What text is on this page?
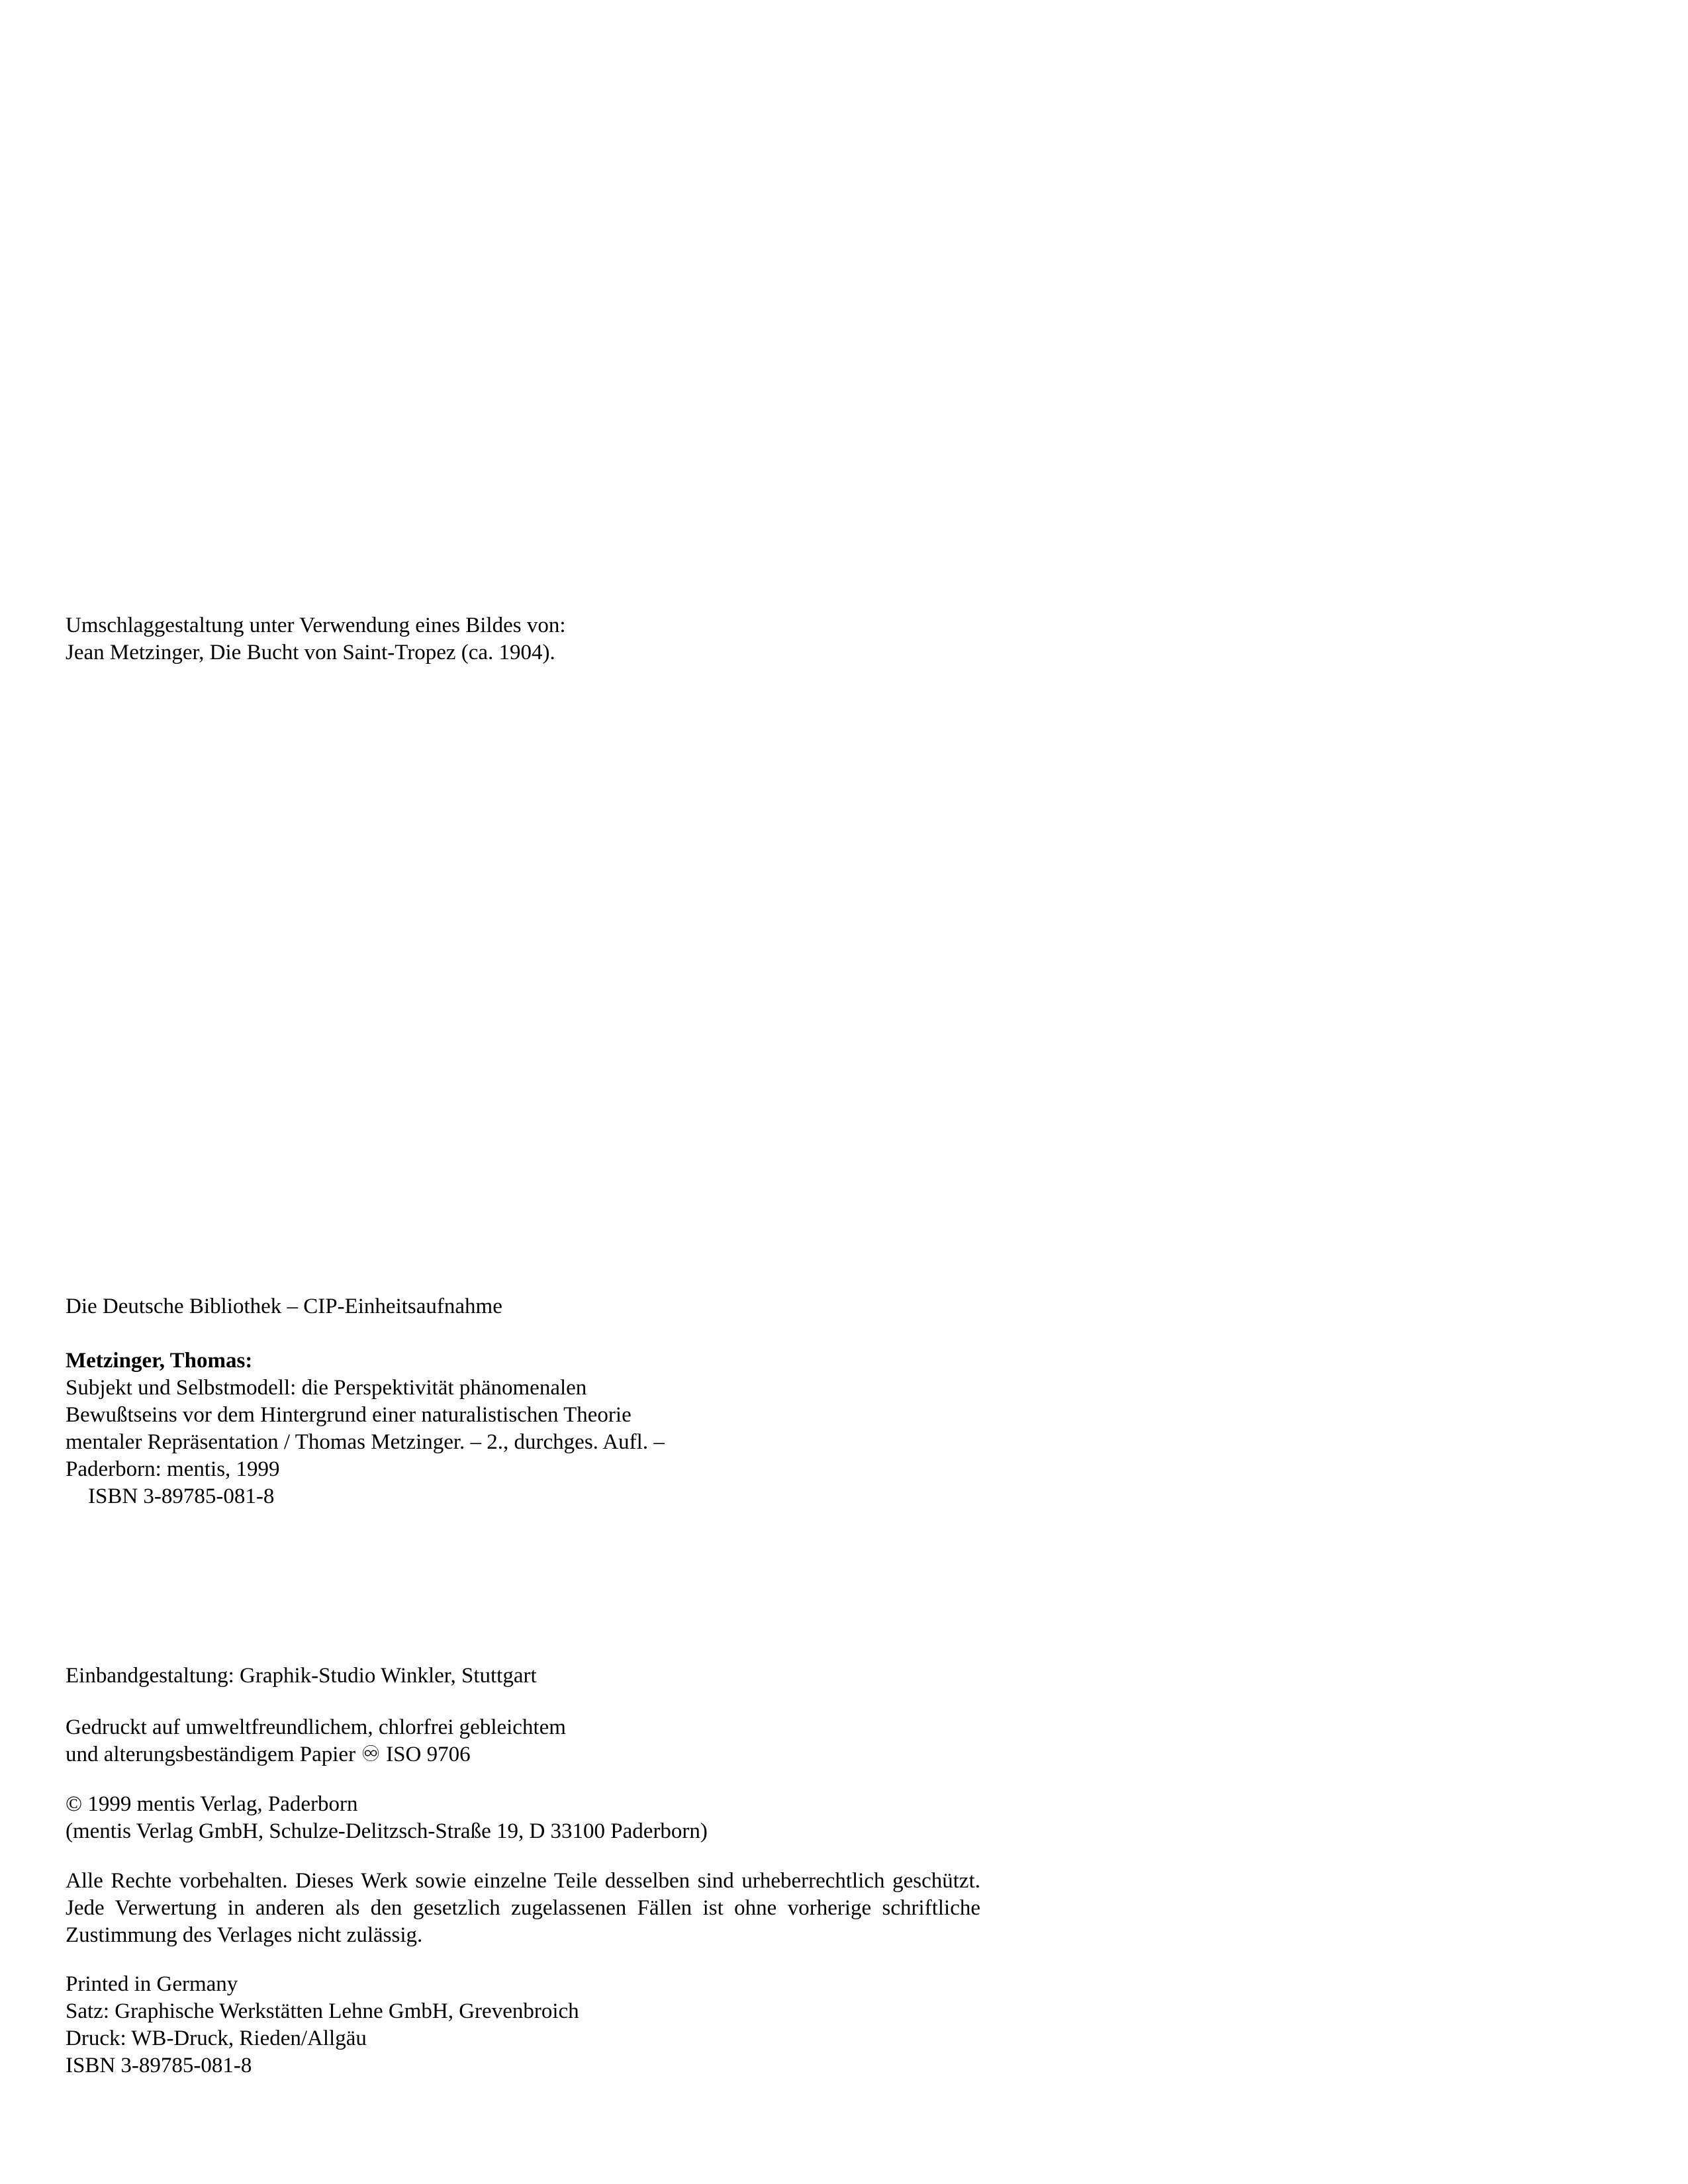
Umschlaggestaltung unter Verwendung eines Bildes von:
Jean Metzinger, Die Bucht von Saint-Tropez (ca. 1904).
Die Deutsche Bibliothek – CIP-Einheitsaufnahme
Metzinger, Thomas:
Subjekt und Selbstmodell: die Perspektivität phänomenalen
Bewußtseins vor dem Hintergrund einer naturalistischen Theorie
mentaler Repräsentation / Thomas Metzinger. – 2., durchges. Aufl. –
Paderborn: mentis, 1999
ISBN 3-89785-081-8
Einbandgestaltung: Graphik-Studio Winkler, Stuttgart
Gedruckt auf umweltfreundlichem, chlorfrei gebleichtem
und alterungsbeständigem Papier ♾ ISO 9706
© 1999 mentis Verlag, Paderborn
(mentis Verlag GmbH, Schulze-Delitzsch-Straße 19, D 33100 Paderborn)
Alle Rechte vorbehalten. Dieses Werk sowie einzelne Teile desselben sind urheberrechtlich geschützt. Jede Verwertung in anderen als den gesetzlich zugelassenen Fällen ist ohne vorherige schriftliche Zustimmung des Verlages nicht zulässig.
Printed in Germany
Satz: Graphische Werkstätten Lehne GmbH, Grevenbroich
Druck: WB-Druck, Rieden/Allgäu
ISBN 3-89785-081-8
